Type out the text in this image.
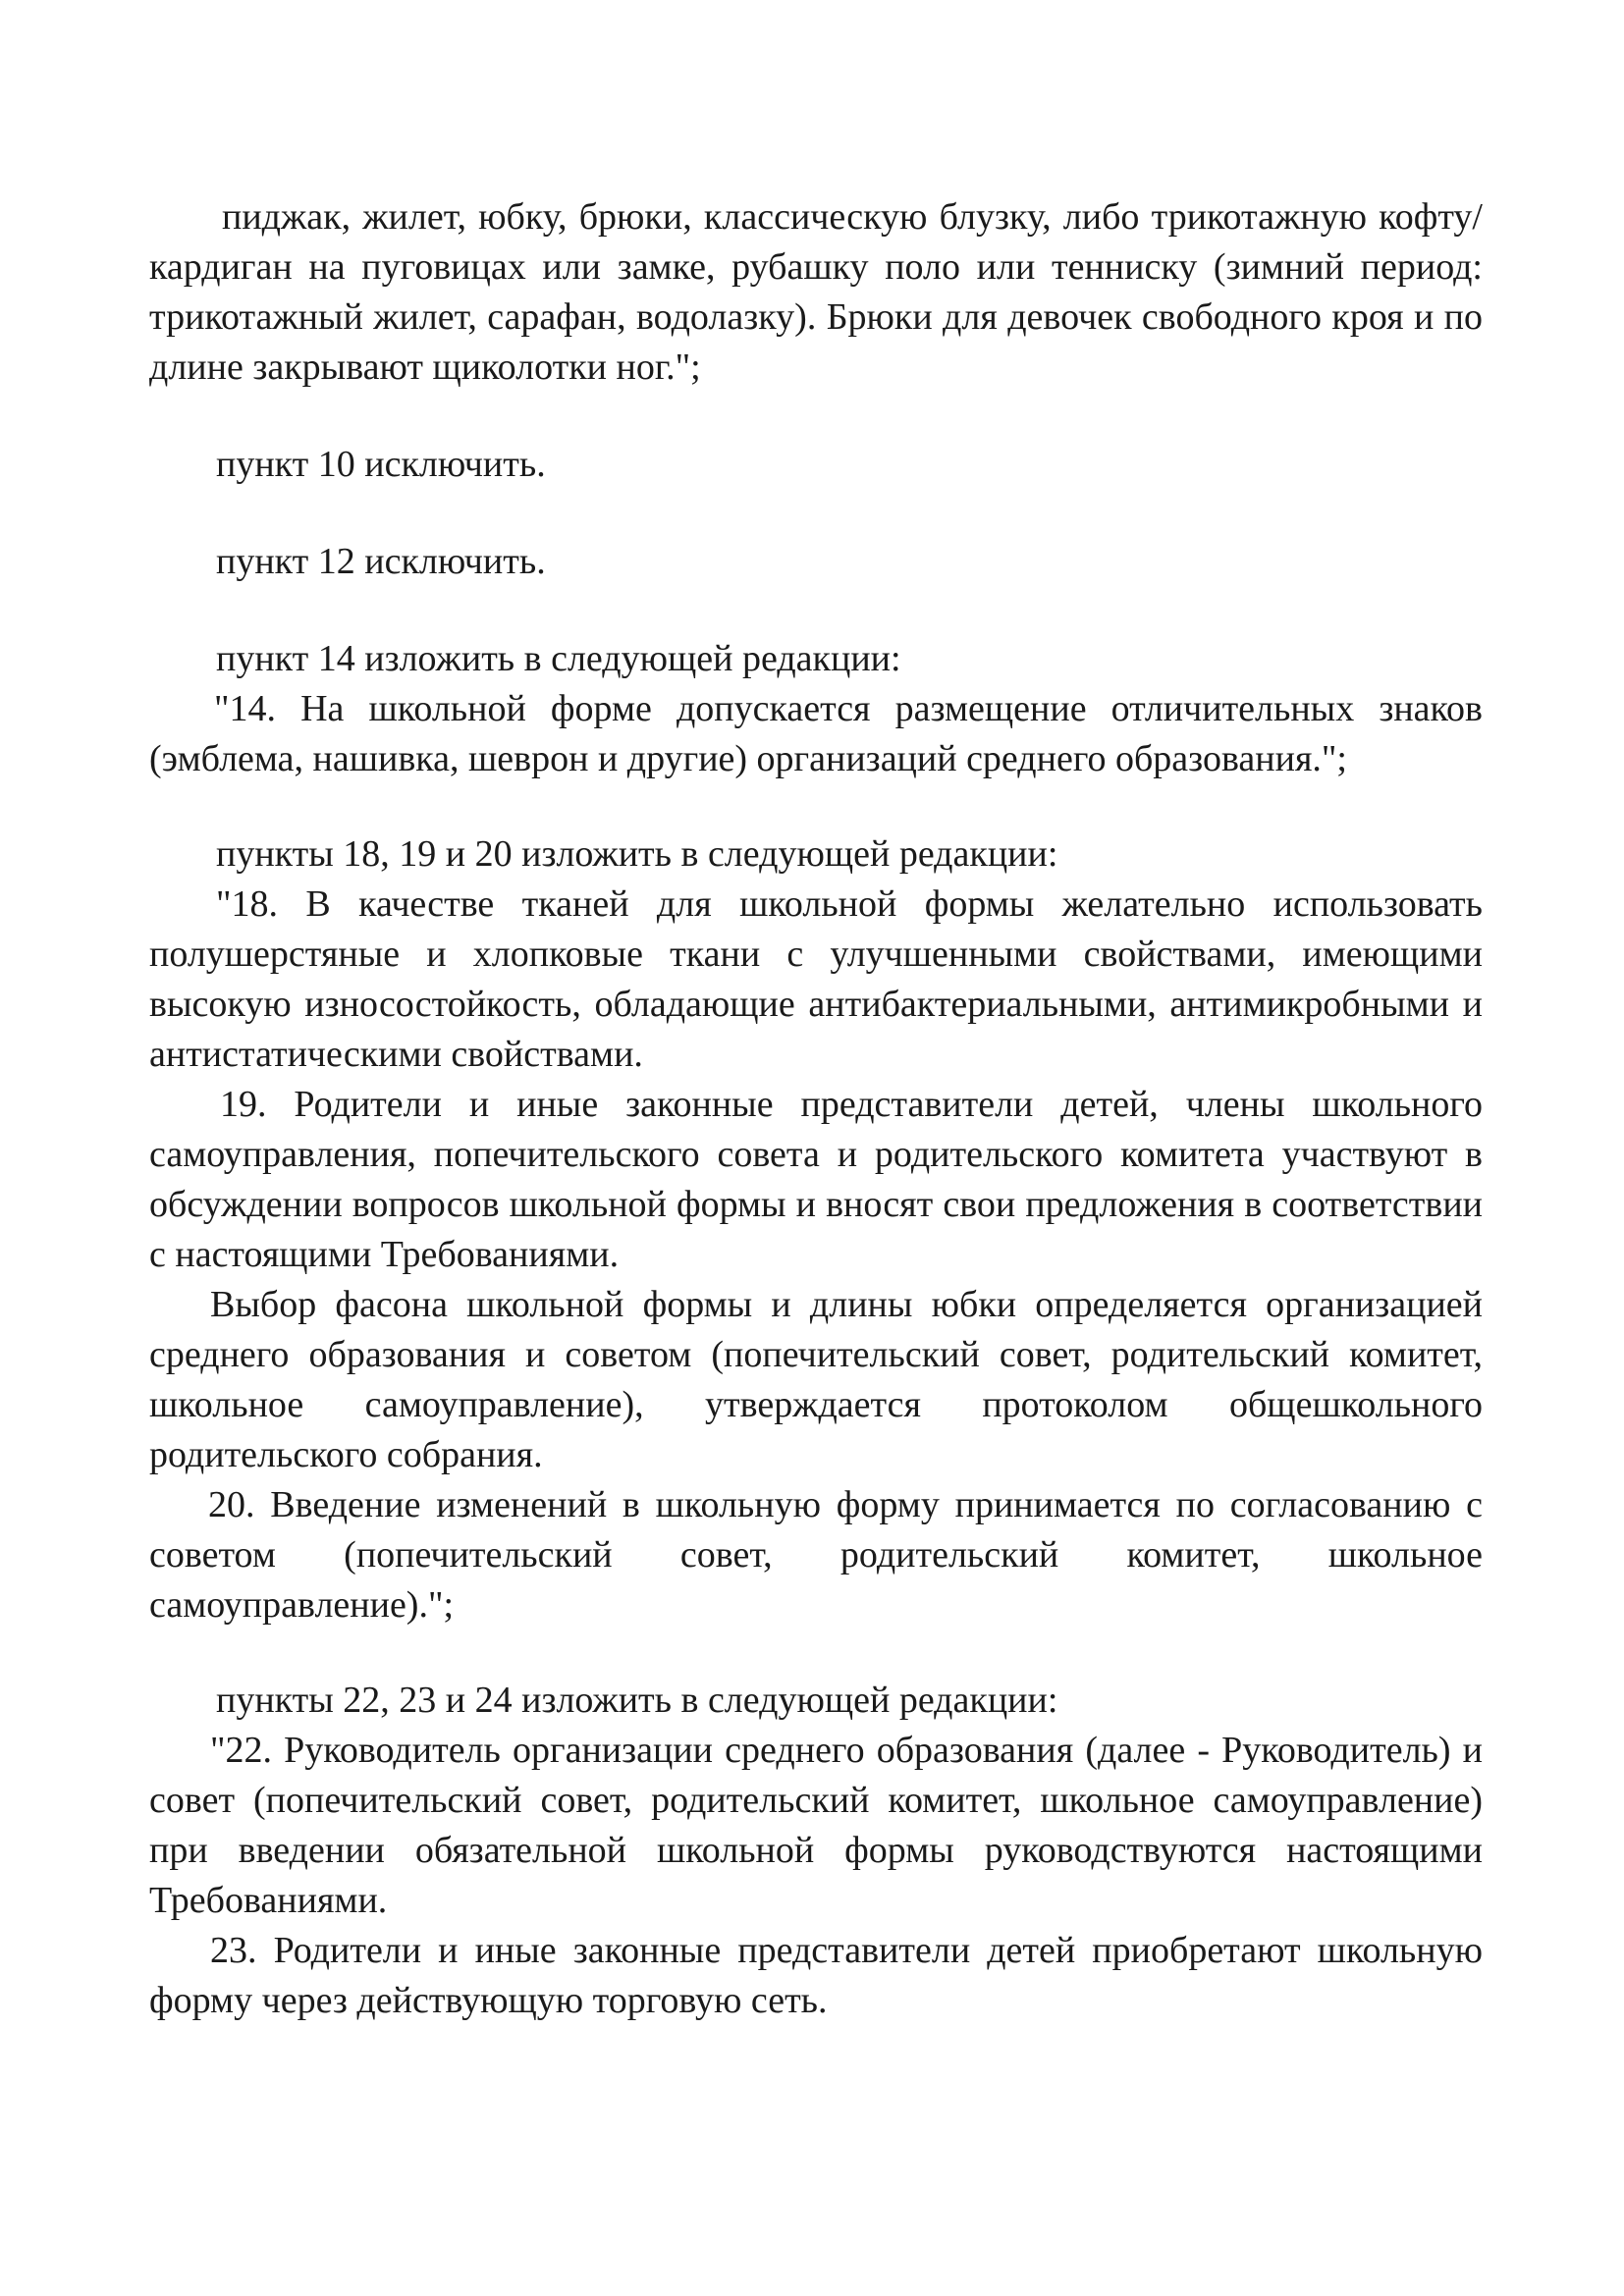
пиджак, жилет, юбку, брюки, классическую блузку, либо трикотажную кофту/кардиган на пуговицах или замке, рубашку поло или тенниску (зимний период: трикотажный жилет, сарафан, водолазку). Брюки для девочек свободного кроя и по длине закрывают щиколотки ног.";

пункт 10 исключить.

пункт 12 исключить.

пункт 14 изложить в следующей редакции:

"14. На школьной форме допускается размещение отличительных знаков (эмблема, нашивка, шеврон и другие) организаций среднего образования.";

пункты 18, 19 и 20 изложить в следующей редакции:

"18. В качестве тканей для школьной формы желательно использовать полушерстяные и хлопковые ткани с улучшенными свойствами, имеющими высокую износостойкость, обладающие антибактериальными, антимикробными и антистатическими свойствами.

19. Родители и иные законные представители детей, члены школьного самоуправления, попечительского совета и родительского комитета участвуют в обсуждении вопросов школьной формы и вносят свои предложения в соответствии с настоящими Требованиями.

Выбор фасона школьной формы и длины юбки определяется организацией среднего образования и советом (попечительский совет, родительский комитет, школьное самоуправление), утверждается протоколом общешкольного родительского собрания.

20. Введение изменений в школьную форму принимается по согласованию с советом (попечительский совет, родительский комитет, школьное самоуправление).";

пункты 22, 23 и 24 изложить в следующей редакции:

"22. Руководитель организации среднего образования (далее - Руководитель) и совет (попечительский совет, родительский комитет, школьное самоуправление) при введении обязательной школьной формы руководствуются настоящими Требованиями.

23. Родители и иные законные представители детей приобретают школьную форму через действующую торговую сеть.
